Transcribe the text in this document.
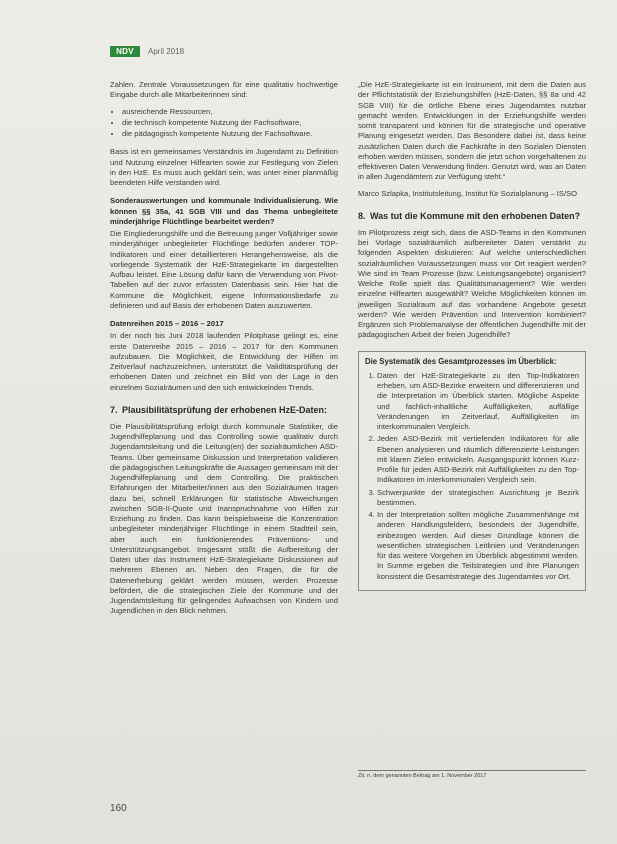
NDV	April 2018

Zahlen. Zentrale Voraussetzungen für eine qualitativ hochwertige Eingabe durch alle Mitarbeiterinnen sind:

• ausreichende Ressourcen,
• die technisch kompetente Nutzung der Fachsoftware,
• die pädagogisch kompetente Nutzung der Fachsoftware.

Basis ist ein gemeinsames Verständnis im Jugendamt zu Definition und Nutzung einzelner Hilfearten sowie zur Festlegung von Zielen in den HzE. Es muss auch geklärt sein, was unter einer planmäßig beendeten Hilfe verstanden wird.

Sonderauswertungen und kommunale Individualisierung. Wie können §§ 35a, 41 SGB VIII und das Thema unbegleitete minderjährige Flüchtlinge bearbeitet werden?

Die Eingliederungshilfe und die Betreuung junger Volljähriger sowie minderjähriger unbegleiteter Flüchtlinge bedürfen anderer TOP-Indikatoren und einer detaillierteren Herangehensweise, als die vorliegende Systematik der HzE-Strategiekarte im dargestellten Aufbau leistet. Eine Lösung dafür kann die Verwendung von Pivot-Tabellen auf der zuvor erfassten Datenbasis sein. Hier hat die Kommune die Möglichkeit, eigene Informationsbedarfe zu definieren und auf Basis der erhobenen Daten auszuwerten.

Datenreihen 2015 – 2016 – 2017

In der noch bis Juni 2018 laufenden Pilotphase gelingt es, eine erste Datenreihe 2015 – 2016 – 2017 für den Kommunen aufzubauen. Die Möglichkeit, die Entwicklung der Hilfen im Zeitverlauf nachzuzeichnen, unterstützt die Validitätsprüfung der erhobenen Daten und zeichnet ein Bild von der Lage in den einzelnen Sozialräumen und den sich entwickelnden Trends.

7. Plausibilitätsprüfung der erhobenen HzE-Daten:

Die Plausibilitätsprüfung erfolgt durch kommunale Statistiker, die Jugendhilfeplanung und das Controlling sowie qualitativ durch Jugendamtsleitung und die Leitung(en) der sozialräumlichen ASD-Teams. Über gemeinsame Diskussion und Interpretation validieren die pädagogischen Leitungskräfte die Aussagen gemeinsam mit der Jugendhilfeplanung und dem Controlling. Die praktischen Erfahrungen der Mitarbeiter/innen aus den Sozialräumen tragen dazu bei, schnell Erklärungen für statistische Abweichungen zwischen SGB-II-Quote und Inanspruchnahme von Hilfen zur Erziehung zu finden. Das kann beispielsweise die Konzentration unbegleiteter minderjähriger Flüchtlinge in einem Stadtteil sein, aber auch ein funktionierendes Präventions- und Unterstützungsangebot. Insgesamt stößt die Aufbereitung der Daten über das Instrument HzE-Strategiekarte Diskussionen auf mehreren Ebenen an. Neben den Fragen, die für die Datenerhebung geklärt werden müssen, werden Prozesse befördert, die die strategischen Ziele der Kommune und der Jugendamtsleitung für gelingendes Aufwachsen von Kindern und Jugendlichen in den Blick nehmen.

„Die HzE-Strategiekarte ist ein Instrument, mit dem die Daten aus der Pflichtstatistik der Erziehungshilfen (HzE-Daten, §§ 8a und 42 SGB VIII) für die örtliche Ebene eines Jugendamtes nutzbar gemacht werden. Entwicklungen in der Erziehungshilfe werden somit transparent und können für die strategische und operative Planung eingesetzt werden. Das Besondere dabei ist, dass keine zusätzlichen Daten durch die Fachkräfte in den Sozialen Diensten erhoben werden müssen, sondern die jetzt schon vorgehaltenen zu effektiveren Daten Verwendung finden. Genutzt wird, was an Daten in allen Jugendämtern zur Verfügung steht.“

Marco Szlapka, Institutsleitung, Institut für Sozialplanung – IS/SO

8. Was tut die Kommune mit den erhobenen Daten?

Im Pilotprozess zeigt sich, dass die ASD-Teams in den Kommunen bei Vorlage sozialräumlich aufbereiteter Daten verstärkt zu folgenden Aspekten diskutieren: Auf welche unterschiedlichen sozialräumlichen Voraussetzungen muss vor Ort reagiert werden? Wie sind im Team Prozesse (bzw. Leistungsangebote) organisiert? Welche Rolle spielt das Qualitätsmanagement? Wie werden einzelne Hilfearten ausgewählt? Welche Möglichkeiten können im jeweiligen Sozialraum auf das vorhandene Angebote gesetzt werden? Wie werden Prävention und Intervention kombiniert? Ergänzen sich Problemanalyse der öffentlichen Jugendhilfe mit der pädagogischen Arbeit der freien Jugendhilfe?

Die Systematik des Gesamtprozesses im Überblick:
1. Daten der HzE-Strategiekarte zu den Top-Indikatoren erheben, um ASD-Bezirke erweitern und differenzieren und die Interpretation im Überblick starten. Mögliche Aspekte und fachlich-inhaltliche Auffälligkeiten, auffällige Veränderungen im Zeitverlauf, Auffälligkeiten im interkommunalen Vergleich.
2. Jeden ASD-Bezirk mit vertiefenden Indikatoren für alle Ebenen analysieren und räumlich differenzierte Leistungen mit klaren Zielen entwickeln. Ausgangspunkt können Kurz-Profile für jeden ASD-Bezirk mit Auffälligkeiten zu den Top-Indikatoren im interkommunalen Vergleich sein.
3. Schwerpunkte der strategischen Ausrichtung je Bezirk bestimmen.
4. In der Interpretation sollten mögliche Zusammenhänge mit anderen Handlungsfeldern, besonders der Jugendhilfe, einbezogen werden. Auf dieser Grundlage können die wesentlichen strategischen Leitlinien und Veränderungen für das weitere Vorgehen im Überblick abgestimmt werden. In Summe ergeben die Teilstrategien und ihre Planungen konsistent die Gesamtstrategie des Jugendamtes vor Ort.
Zit. n. dem genannten Beitrag am 1. November 2017
160
